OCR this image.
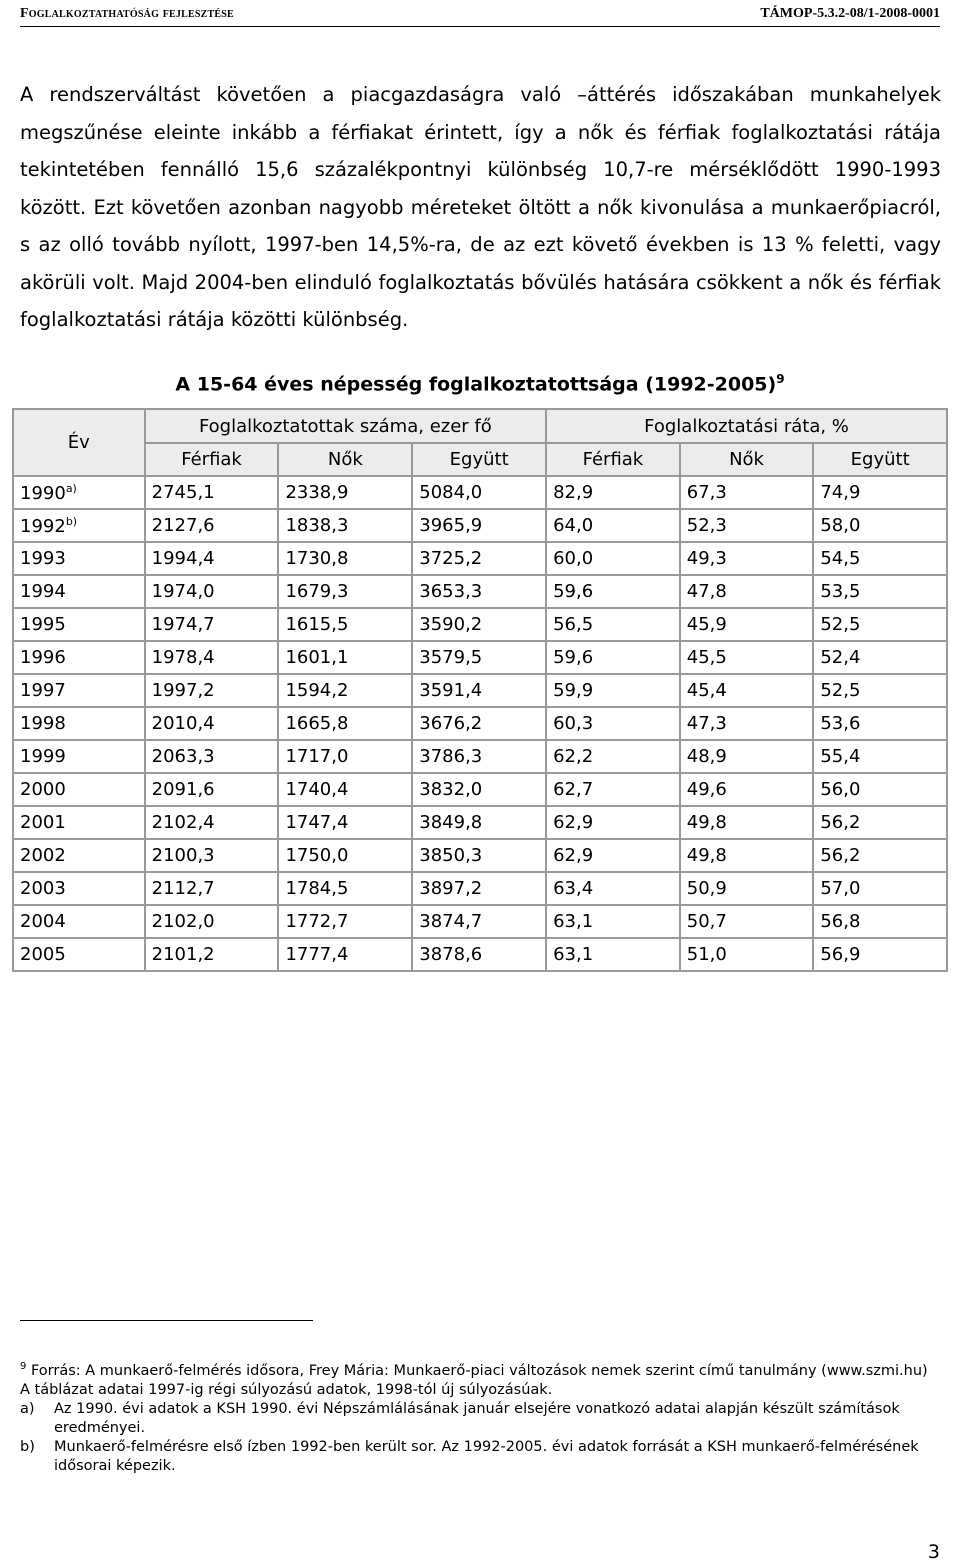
Foglalkoztathatóság fejlesztése	TÁMOP-5.3.2-08/1-2008-0001
A rendszerváltást követően a piacgazdaságra való –áttérés időszakában munkahelyek megszűnése eleinte inkább a férfiakat érintett, így a nők és férfiak foglalkoztatási rátája tekintetében fennálló 15,6 százalékpontnyi különbség 10,7-re mérséklődött 1990-1993 között. Ezt követően azonban nagyobb méreteket öltött a nők kivonulása a munkaerőpiacról, s az olló tovább nyílott, 1997-ben 14,5%-ra, de az ezt követő években is 13 % feletti, vagy akörüli volt. Majd 2004-ben elinduló foglalkoztatás bővülés hatására csökkent a nők és férfiak foglalkoztatási rátája közötti különbség.
A 15-64 éves népesség foglalkoztatottsága (1992-2005)$^9$
Év	Foglalkoztatottak száma, ezer fő			Foglalkoztatási ráta, %		
	Férfiak	Nők	Együtt	Férfiak	Nők	Együtt
1990$^{a)}$	2745,1	2338,9	5084,0	82,9	67,3	74,9
1992$^{b)}$	2127,6	1838,3	3965,9	64,0	52,3	58,0
1993	1994,4	1730,8	3725,2	60,0	49,3	54,5
1994	1974,0	1679,3	3653,3	59,6	47,8	53,5
1995	1974,7	1615,5	3590,2	56,5	45,9	52,5
1996	1978,4	1601,1	3579,5	59,6	45,5	52,4
1997	1997,2	1594,2	3591,4	59,9	45,4	52,5
1998	2010,4	1665,8	3676,2	60,3	47,3	53,6
1999	2063,3	1717,0	3786,3	62,2	48,9	55,4
2000	2091,6	1740,4	3832,0	62,7	49,6	56,0
2001	2102,4	1747,4	3849,8	62,9	49,8	56,2
2002	2100,3	1750,0	3850,3	62,9	49,8	56,2
2003	2112,7	1784,5	3897,2	63,4	50,9	57,0
2004	2102,0	1772,7	3874,7	63,1	50,7	56,8
2005	2101,2	1777,4	3878,6	63,1	51,0	56,9

$^9$ Forrás: A munkaerő-felmérés idősora, Frey Mária: Munkaerő-piaci változások nemek szerint című tanulmány (www.szmi.hu)

A táblázat adatai 1997-ig régi súlyozású adatok, 1998-tól új súlyozásúak.

a) Az 1990. évi adatok a KSH 1990. évi Népszámlálásának január elsejére vonatkozó adatai alapján készült számítások eredményei.

b) Munkaerő-felmérésre első ízben 1992-ben került sor. Az 1992-2005. évi adatok forrását a KSH munkaerő-felmérésének idősorai képezik.

3
